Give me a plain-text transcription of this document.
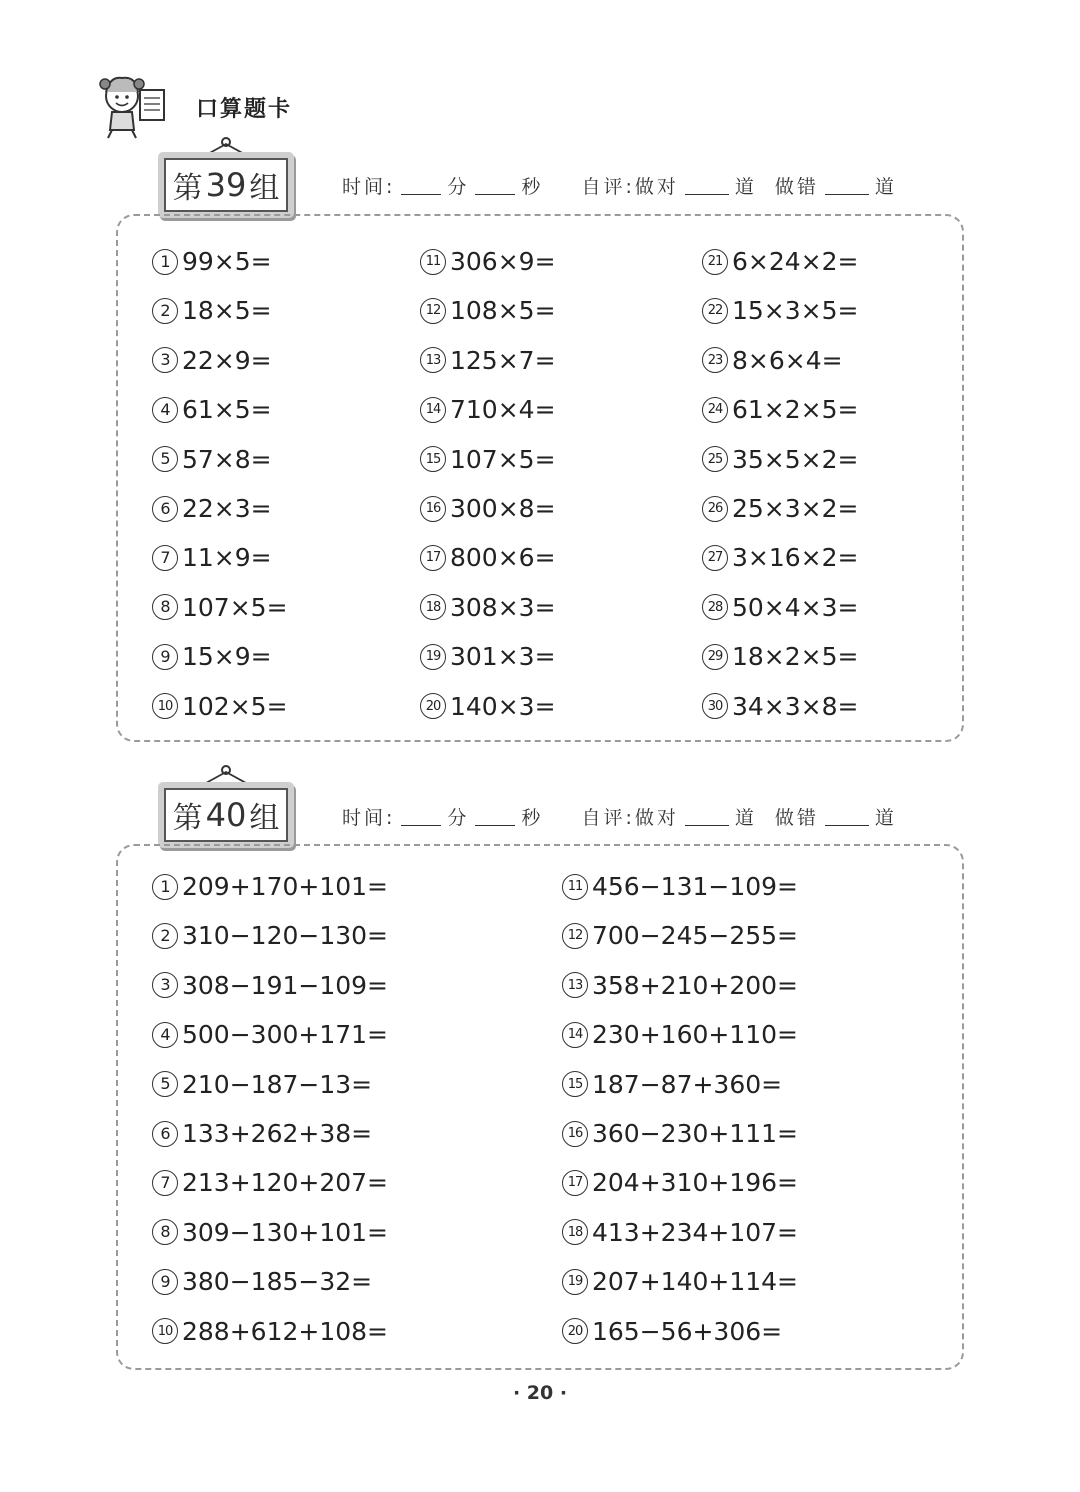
口算题卡
第 39 组	时间:	分	秒 自评:做对	道 做错	道
1 99×5=
2 18×5=
3 22×9=
4 61×5=
5 57×8=
6 22×3=
7 11×9=
8 107×5=
9 15×9=
10 102×5=
11 306×9=
12 108×5=
13 125×7=
14 710×4=
15 107×5=
16 300×8=
17 800×6=
18 308×3=
19 301×3=
20 140×3=
21 6×24×2=
22 15×3×5=
23 8×6×4=
24 61×2×5=
25 35×5×2=
26 25×3×2=
27 3×16×2=
28 50×4×3=
29 18×2×5=
30 34×3×8=
第 40 组	时间:	分	秒 自评:做对	道 做错	道
1 209+170+101=
2 310−120−130=
3 308−191−109=
4 500−300+171=
5 210−187−13=
6 133+262+38=
7 213+120+207=
8 309−130+101=
9 380−185−32=
10 288+612+108=
11 456−131−109=
12 700−245−255=
13 358+210+200=
14 230+160+110=
15 187−87+360=
16 360−230+111=
17 204+310+196=
18 413+234+107=
19 207+140+114=
20 165−56+306=
· 20 ·
